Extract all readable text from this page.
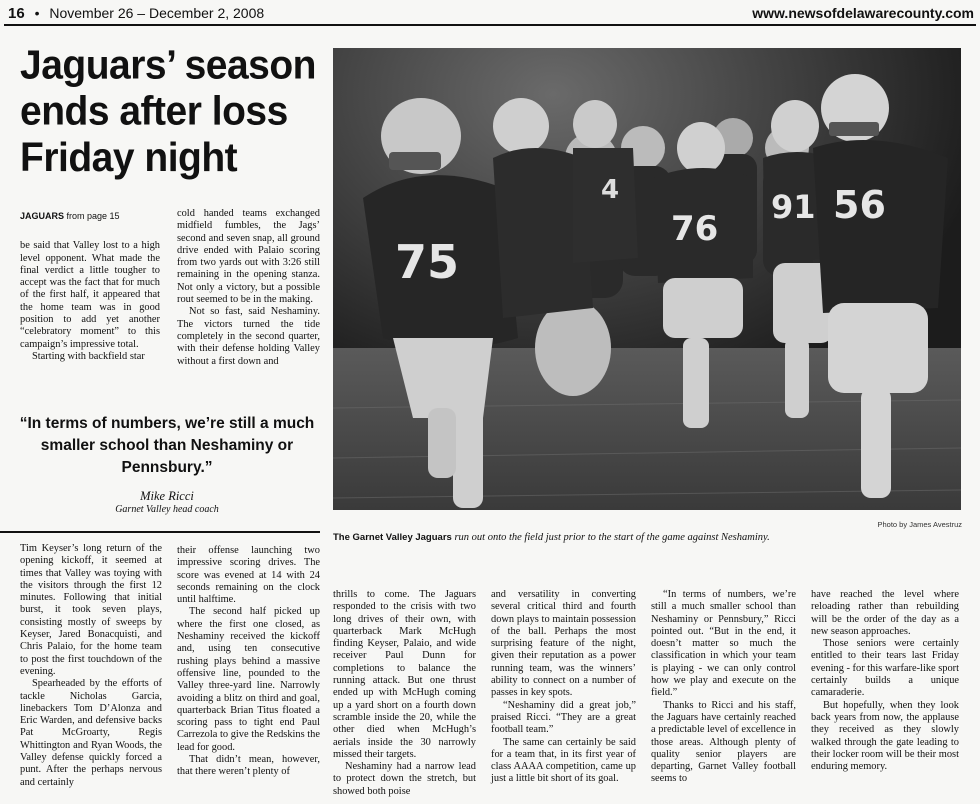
16 • November 26 – December 2, 2008	www.newsofdelawarecounty.com
Jaguars’ season ends after loss Friday night
JAGUARS from page 15

be said that Valley lost to a high level opponent. What made the final verdict a little tougher to accept was the fact that for much of the first half, it appeared that the home team was in good position to add yet another “celebratory moment” to this campaign’s impressive total.

Starting with backfield star

cold handed teams exchanged midfield fumbles, the Jags’ second and seven snap, all ground drive ended with Palaio scoring from two yards out with 3:26 still remaining in the opening stanza. Not only a victory, but a possible rout seemed to be in the making.

Not so fast, said Neshaminy. The victors turned the tide completely in the second quarter, with their defense holding Valley without a first down and

“In terms of numbers, we’re still a much smaller school than Neshaminy or Pennsbury.”
Mike Ricci
Garnet Valley head coach
75
4
76
91 56
Photo by James Avestruz
The Garnet Valley Jaguars run out onto the field just prior to the start of the game against Neshaminy.

Tim Keyser’s long return of the opening kickoff, it seemed at times that Valley was toying with the visitors through the first 12 minutes. Following that initial burst, it took seven plays, consisting mostly of sweeps by Keyser, Jared Bonacquisti, and Chris Palaio, for the home team to post the first touchdown of the evening.

Spearheaded by the efforts of tackle Nicholas Garcia, linebackers Tom D’Alonza and Eric Warden, and defensive backs Pat McGroarty, Regis Whittington and Ryan Woods, the Valley defense quickly forced a punt. After the perhaps nervous and certainly

their offense launching two impressive scoring drives. The score was evened at 14 with 24 seconds remaining on the clock until halftime.

The second half picked up where the first one closed, as Neshaminy received the kickoff and, using ten consecutive rushing plays behind a massive offensive line, pounded to the Valley three-yard line. Narrowly avoiding a blitz on third and goal, quarterback Brian Titus floated a scoring pass to tight end Paul Carrezola to give the Redskins the lead for good.

That didn’t mean, however, that there weren’t plenty of

thrills to come. The Jaguars responded to the crisis with two long drives of their own, with quarterback Mark McHugh finding Keyser, Palaio, and wide receiver Paul Dunn for completions to balance the running attack. But one thrust ended up with McHugh coming up a yard short on a fourth down scramble inside the 20, while the other died when McHugh’s aerials inside the 30 narrowly missed their targets.

Neshaminy had a narrow lead to protect down the stretch, but showed both poise

and versatility in converting several critical third and fourth down plays to maintain possession of the ball. Perhaps the most surprising feature of the night, given their reputation as a power running team, was the winners’ ability to connect on a number of passes in key spots.

“Neshaminy did a great job,” praised Ricci. “They are a great football team.”

The same can certainly be said for a team that, in its first year of class AAAA competition, came up just a little bit short of its goal.

“In terms of numbers, we’re still a much smaller school than Neshaminy or Pennsbury,” Ricci pointed out. “But in the end, it doesn’t matter so much the classification in which your team is playing - we can only control how we play and execute on the field.”

Thanks to Ricci and his staff, the Jaguars have certainly reached a predictable level of excellence in those areas. Although plenty of quality senior players are departing, Garnet Valley football seems to

have reached the level where reloading rather than rebuilding will be the order of the day as a new season approaches.

Those seniors were certainly entitled to their tears last Friday evening - for this warfare-like sport certainly builds a unique camaraderie.

But hopefully, when they look back years from now, the applause they received as they slowly walked through the gate leading to their locker room will be their most enduring memory.
